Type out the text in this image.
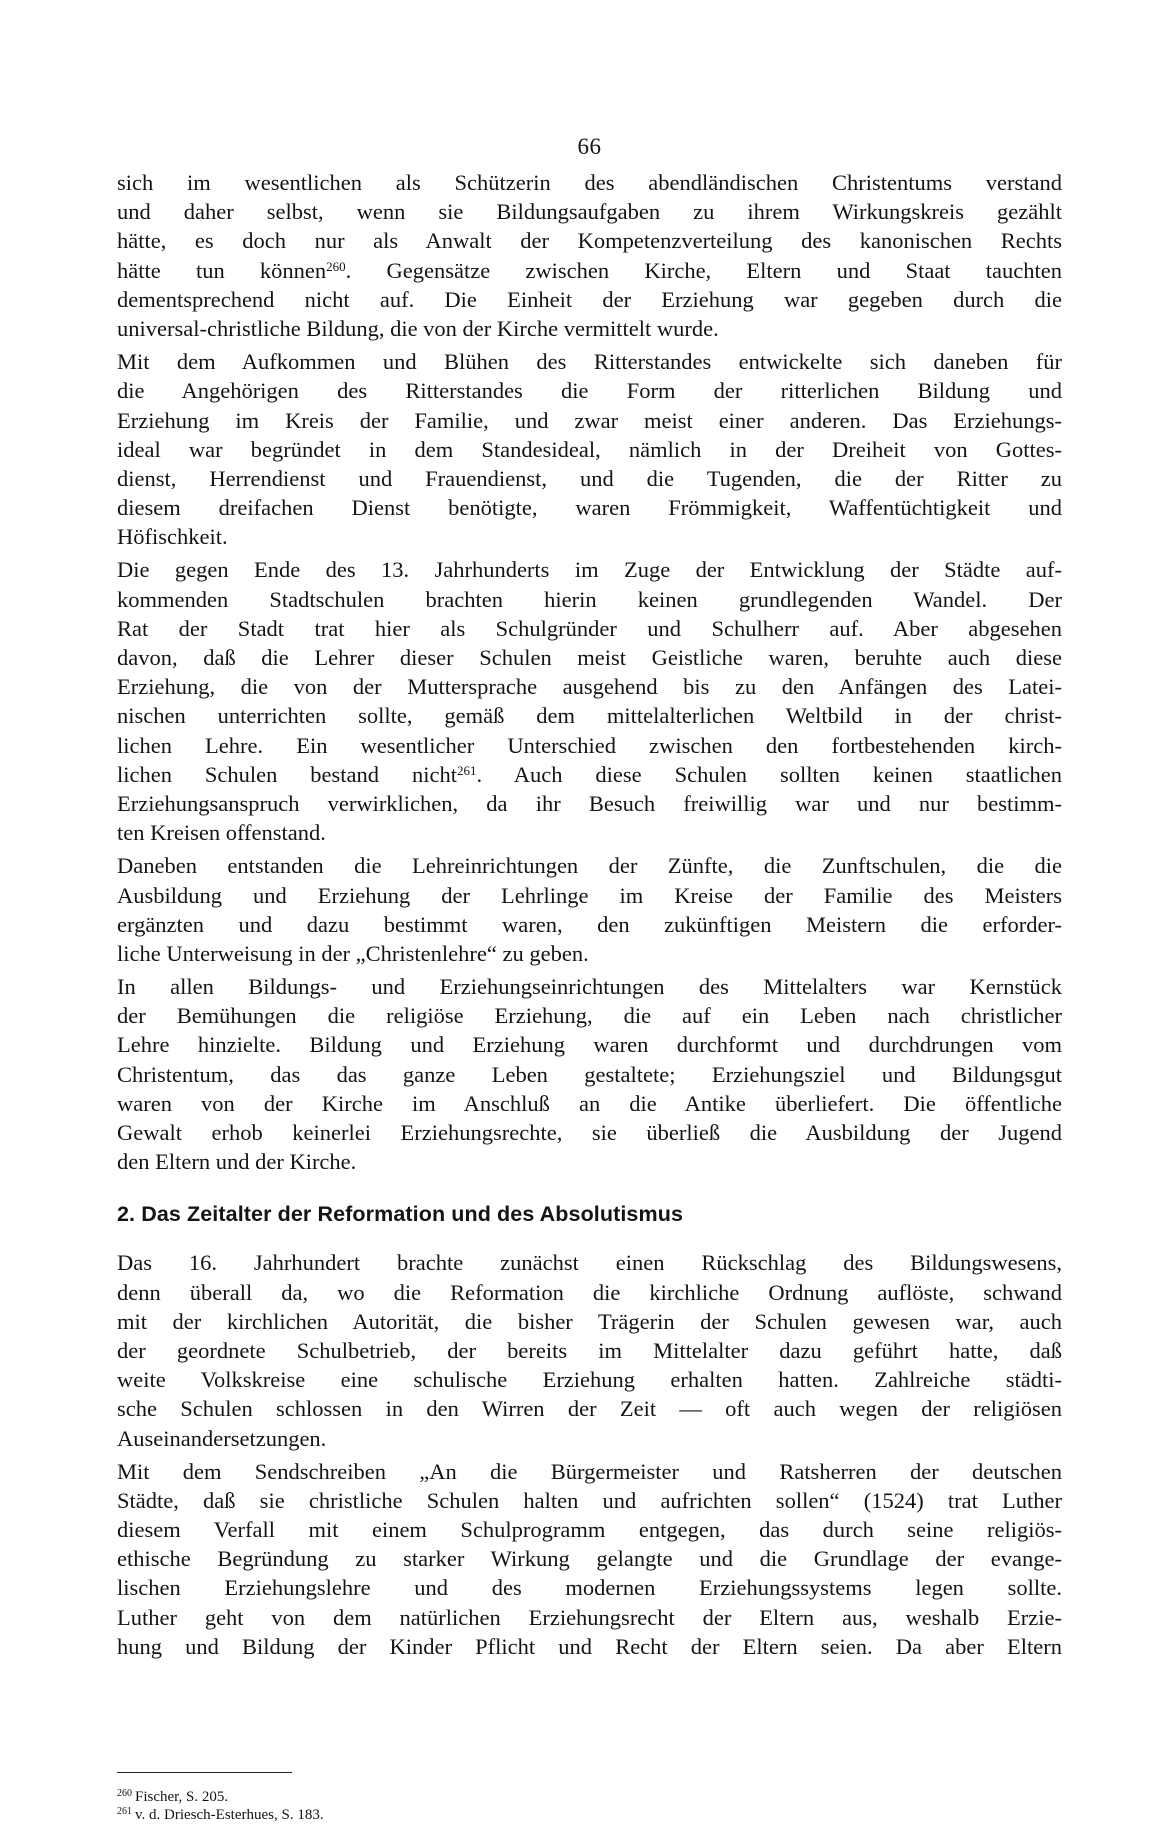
66
sich im wesentlichen als Schützerin des abendländischen Christentums verstand
und daher selbst, wenn sie Bildungsaufgaben zu ihrem Wirkungskreis gezählt
hätte, es doch nur als Anwalt der Kompetenzverteilung des kanonischen Rechts
hätte tun können$^{260}$. Gegensätze zwischen Kirche, Eltern und Staat tauchten
dementsprechend nicht auf. Die Einheit der Erziehung war gegeben durch die
universal-christliche Bildung, die von der Kirche vermittelt wurde.
Mit dem Aufkommen und Blühen des Ritterstandes entwickelte sich daneben für
die Angehörigen des Ritterstandes die Form der ritterlichen Bildung und
Erziehung im Kreis der Familie, und zwar meist einer anderen. Das Erziehungs-
ideal war begründet in dem Standesideal, nämlich in der Dreiheit von Gottes-
dienst, Herrendienst und Frauendienst, und die Tugenden, die der Ritter zu
diesem dreifachen Dienst benötigte, waren Frömmigkeit, Waffentüchtigkeit und
Höfischkeit.
Die gegen Ende des 13. Jahrhunderts im Zuge der Entwicklung der Städte auf-
kommenden Stadtschulen brachten hierin keinen grundlegenden Wandel. Der
Rat der Stadt trat hier als Schulgründer und Schulherr auf. Aber abgesehen
davon, daß die Lehrer dieser Schulen meist Geistliche waren, beruhte auch diese
Erziehung, die von der Muttersprache ausgehend bis zu den Anfängen des Latei-
nischen unterrichten sollte, gemäß dem mittelalterlichen Weltbild in der christ-
lichen Lehre. Ein wesentlicher Unterschied zwischen den fortbestehenden kirch-
lichen Schulen bestand nicht$^{261}$. Auch diese Schulen sollten keinen staatlichen
Erziehungsanspruch verwirklichen, da ihr Besuch freiwillig war und nur bestimm-
ten Kreisen offenstand.
Daneben entstanden die Lehreinrichtungen der Zünfte, die Zunftschulen, die die
Ausbildung und Erziehung der Lehrlinge im Kreise der Familie des Meisters
ergänzten und dazu bestimmt waren, den zukünftigen Meistern die erforder-
liche Unterweisung in der „Christenlehre“ zu geben.
In allen Bildungs- und Erziehungseinrichtungen des Mittelalters war Kernstück
der Bemühungen die religiöse Erziehung, die auf ein Leben nach christlicher
Lehre hinzielte. Bildung und Erziehung waren durchformt und durchdrungen vom
Christentum, das das ganze Leben gestaltete; Erziehungsziel und Bildungsgut
waren von der Kirche im Anschluß an die Antike überliefert. Die öffentliche
Gewalt erhob keinerlei Erziehungsrechte, sie überließ die Ausbildung der Jugend
den Eltern und der Kirche.
2. Das Zeitalter der Reformation und des Absolutismus
Das 16. Jahrhundert brachte zunächst einen Rückschlag des Bildungswesens,
denn überall da, wo die Reformation die kirchliche Ordnung auflöste, schwand
mit der kirchlichen Autorität, die bisher Trägerin der Schulen gewesen war, auch
der geordnete Schulbetrieb, der bereits im Mittelalter dazu geführt hatte, daß
weite Volkskreise eine schulische Erziehung erhalten hatten. Zahlreiche städti-
sche Schulen schlossen in den Wirren der Zeit — oft auch wegen der religiösen
Auseinandersetzungen.
Mit dem Sendschreiben „An die Bürgermeister und Ratsherren der deutschen
Städte, daß sie christliche Schulen halten und aufrichten sollen“ (1524) trat Luther
diesem Verfall mit einem Schulprogramm entgegen, das durch seine religiös-
ethische Begründung zu starker Wirkung gelangte und die Grundlage der evange-
lischen Erziehungslehre und des modernen Erziehungssystems legen sollte.
Luther geht von dem natürlichen Erziehungsrecht der Eltern aus, weshalb Erzie-
hung und Bildung der Kinder Pflicht und Recht der Eltern seien. Da aber Eltern
$^{260}$ Fischer, S. 205.
$^{261}$ v. d. Driesch-Esterhues, S. 183.
